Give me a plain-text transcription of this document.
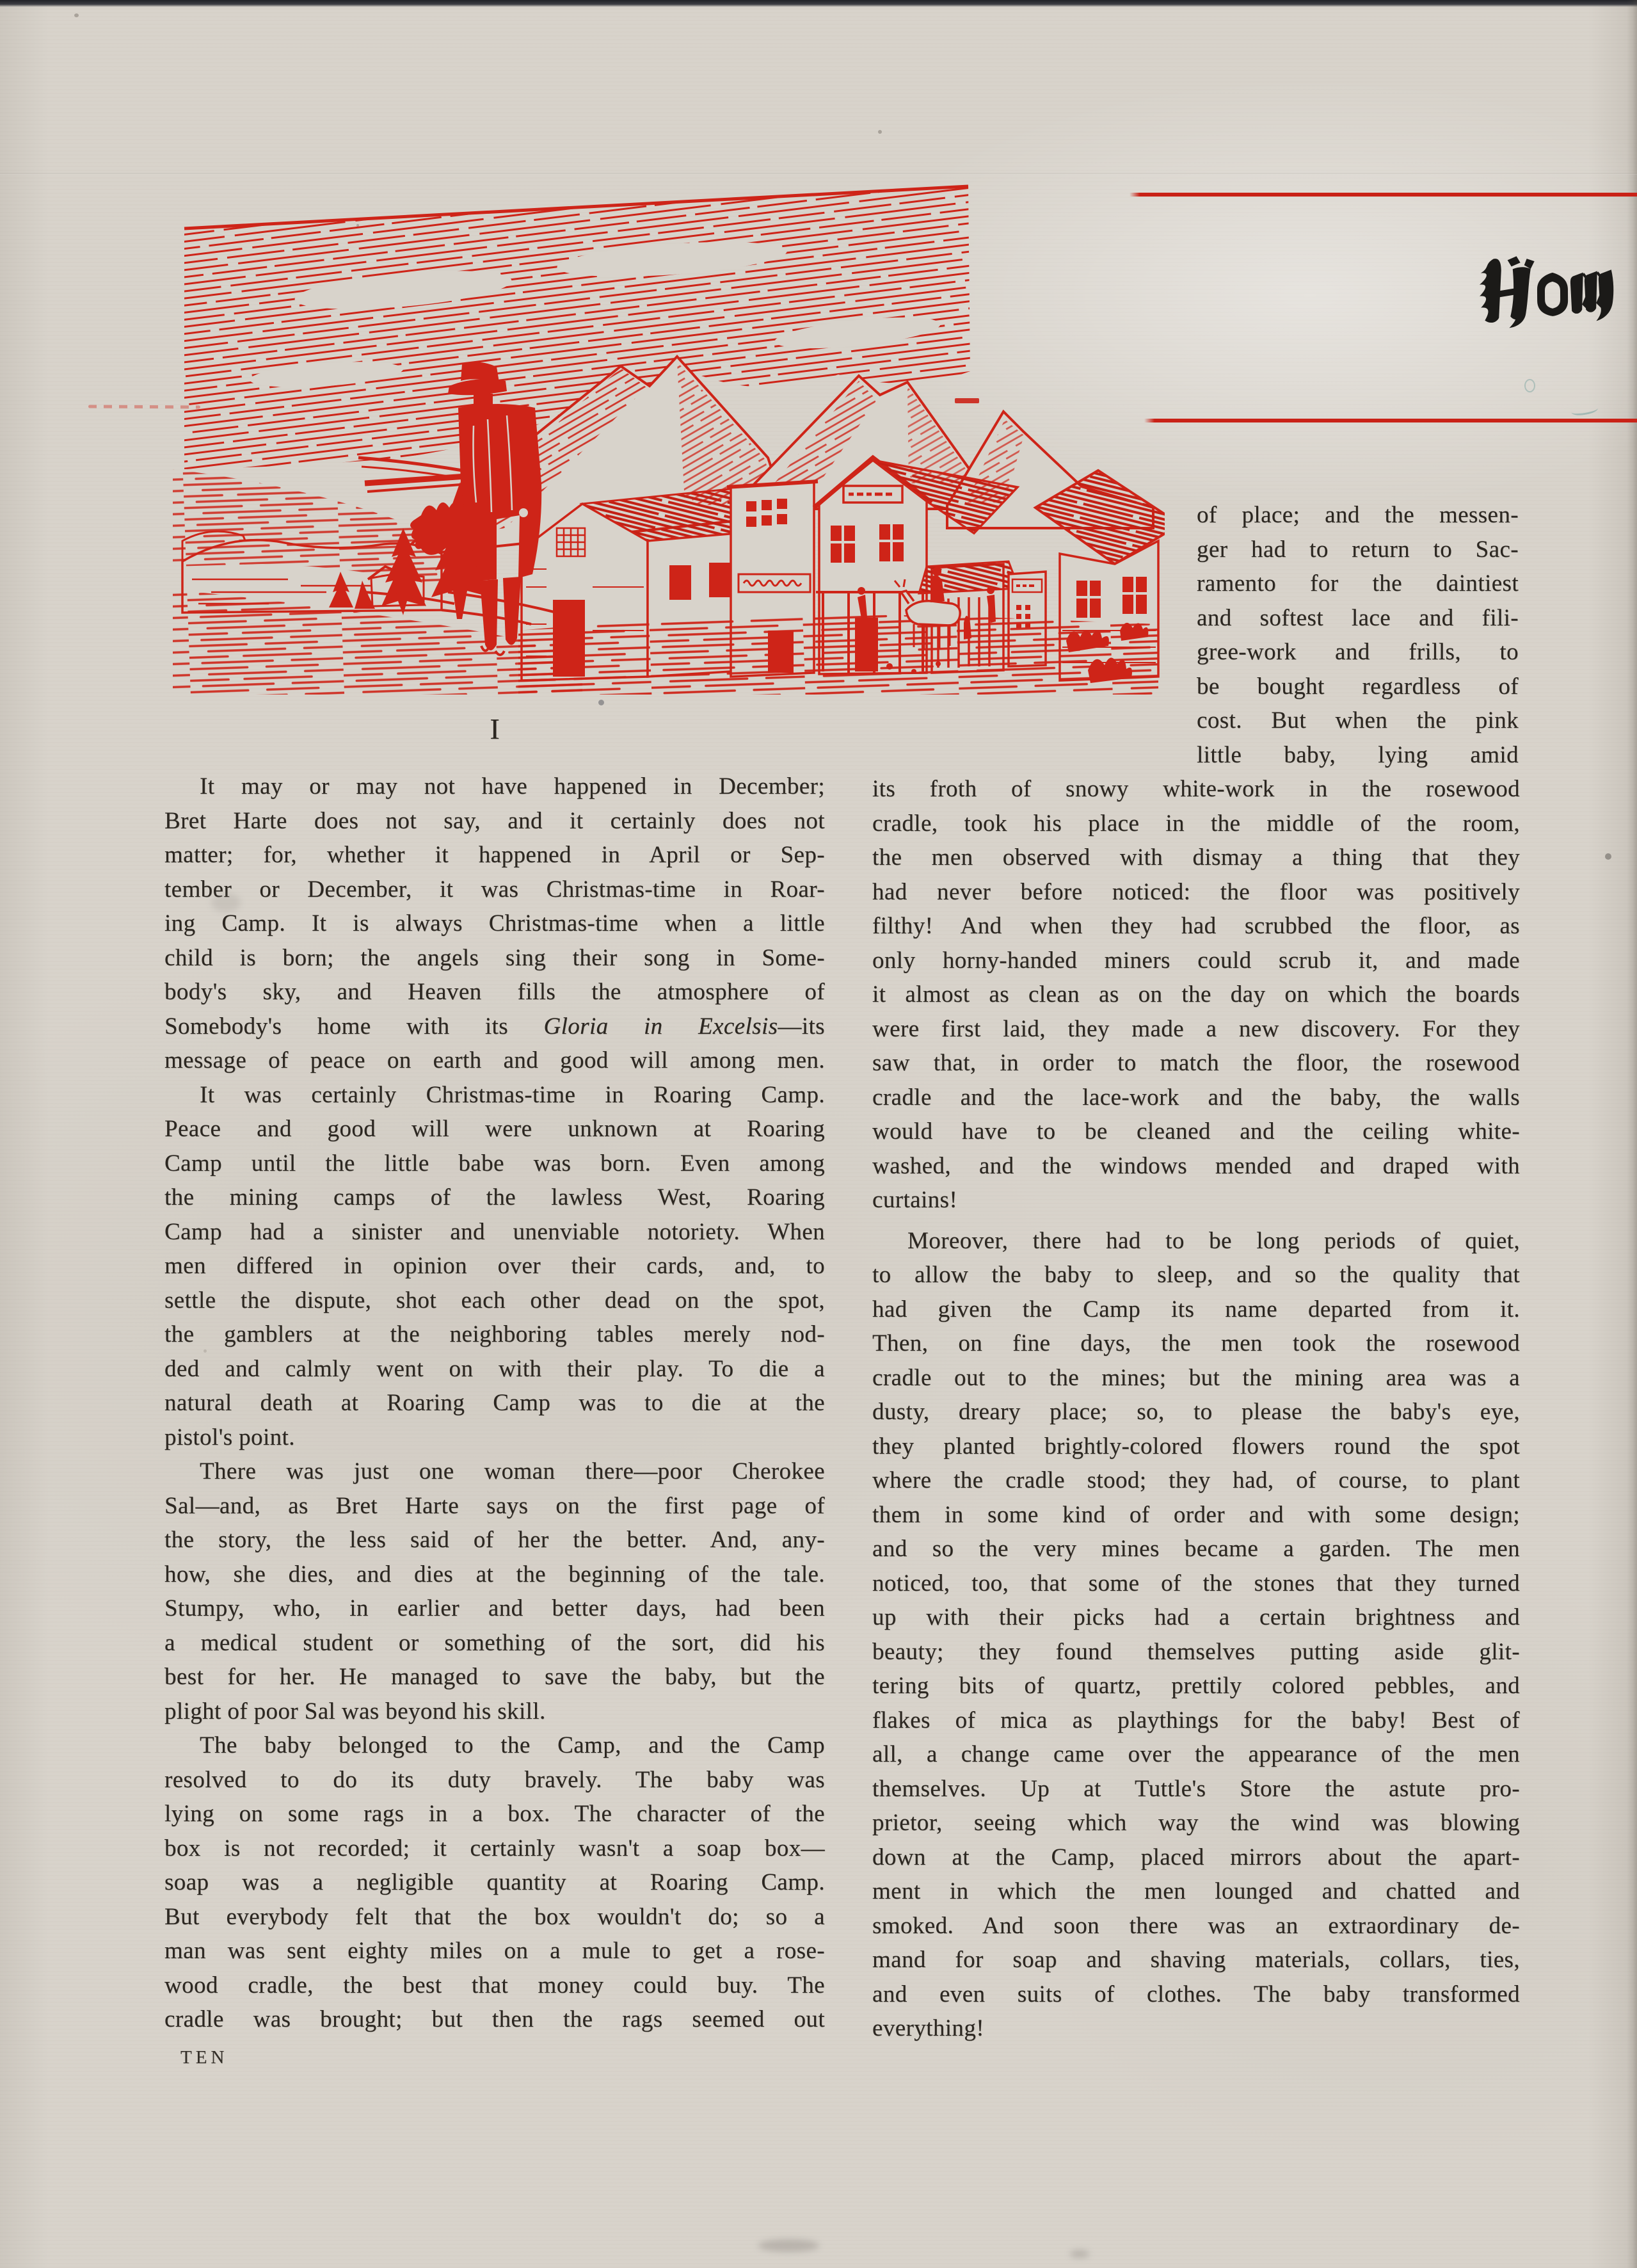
I
It may or may not have happened in December;
Bret Harte does not say, and it certainly does not
matter; for, whether it happened in April or Sep-
tember or December, it was Christmas-time in Roar-
ing Camp. It is always Christmas-time when a little
child is born; the angels sing their song in Some-
body's sky, and Heaven fills the atmosphere of
Somebody's home with its Gloria in Excelsis—its
message of peace on earth and good will among men.
It was certainly Christmas-time in Roaring Camp.
Peace and good will were unknown at Roaring
Camp until the little babe was born. Even among
the mining camps of the lawless West, Roaring
Camp had a sinister and unenviable notoriety. When
men differed in opinion over their cards, and, to
settle the dispute, shot each other dead on the spot,
the gamblers at the neighboring tables merely nod-
ded and calmly went on with their play. To die a
natural death at Roaring Camp was to die at the
pistol's point.
There was just one woman there—poor Cherokee
Sal—and, as Bret Harte says on the first page of
the story, the less said of her the better. And, any-
how, she dies, and dies at the beginning of the tale.
Stumpy, who, in earlier and better days, had been
a medical student or something of the sort, did his
best for her. He managed to save the baby, but the
plight of poor Sal was beyond his skill.
The baby belonged to the Camp, and the Camp
resolved to do its duty bravely. The baby was
lying on some rags in a box. The character of the
box is not recorded; it certainly wasn't a soap box—
soap was a negligible quantity at Roaring Camp.
But everybody felt that the box wouldn't do; so a
man was sent eighty miles on a mule to get a rose-
wood cradle, the best that money could buy. The
cradle was brought; but then the rags seemed out
of place; and the messen-
ger had to return to Sac-
ramento for the daintiest
and softest lace and fili-
gree-work and frills, to
be bought regardless of
cost. But when the pink
little baby, lying amid
its froth of snowy white-work in the rosewood
cradle, took his place in the middle of the room,
the men observed with dismay a thing that they
had never before noticed: the floor was positively
filthy! And when they had scrubbed the floor, as
only horny-handed miners could scrub it, and made
it almost as clean as on the day on which the boards
were first laid, they made a new discovery. For they
saw that, in order to match the floor, the rosewood
cradle and the lace-work and the baby, the walls
would have to be cleaned and the ceiling white-
washed, and the windows mended and draped with
curtains!
Moreover, there had to be long periods of quiet,
to allow the baby to sleep, and so the quality that
had given the Camp its name departed from it.
Then, on fine days, the men took the rosewood
cradle out to the mines; but the mining area was a
dusty, dreary place; so, to please the baby's eye,
they planted brightly-colored flowers round the spot
where the cradle stood; they had, of course, to plant
them in some kind of order and with some design;
and so the very mines became a garden. The men
noticed, too, that some of the stones that they turned
up with their picks had a certain brightness and
beauty; they found themselves putting aside glit-
tering bits of quartz, prettily colored pebbles, and
flakes of mica as playthings for the baby! Best of
all, a change came over the appearance of the men
themselves. Up at Tuttle's Store the astute pro-
prietor, seeing which way the wind was blowing
down at the Camp, placed mirrors about the apart-
ment in which the men lounged and chatted and
smoked. And soon there was an extraordinary de-
mand for soap and shaving materials, collars, ties,
and even suits of clothes. The baby transformed
everything!
TEN
